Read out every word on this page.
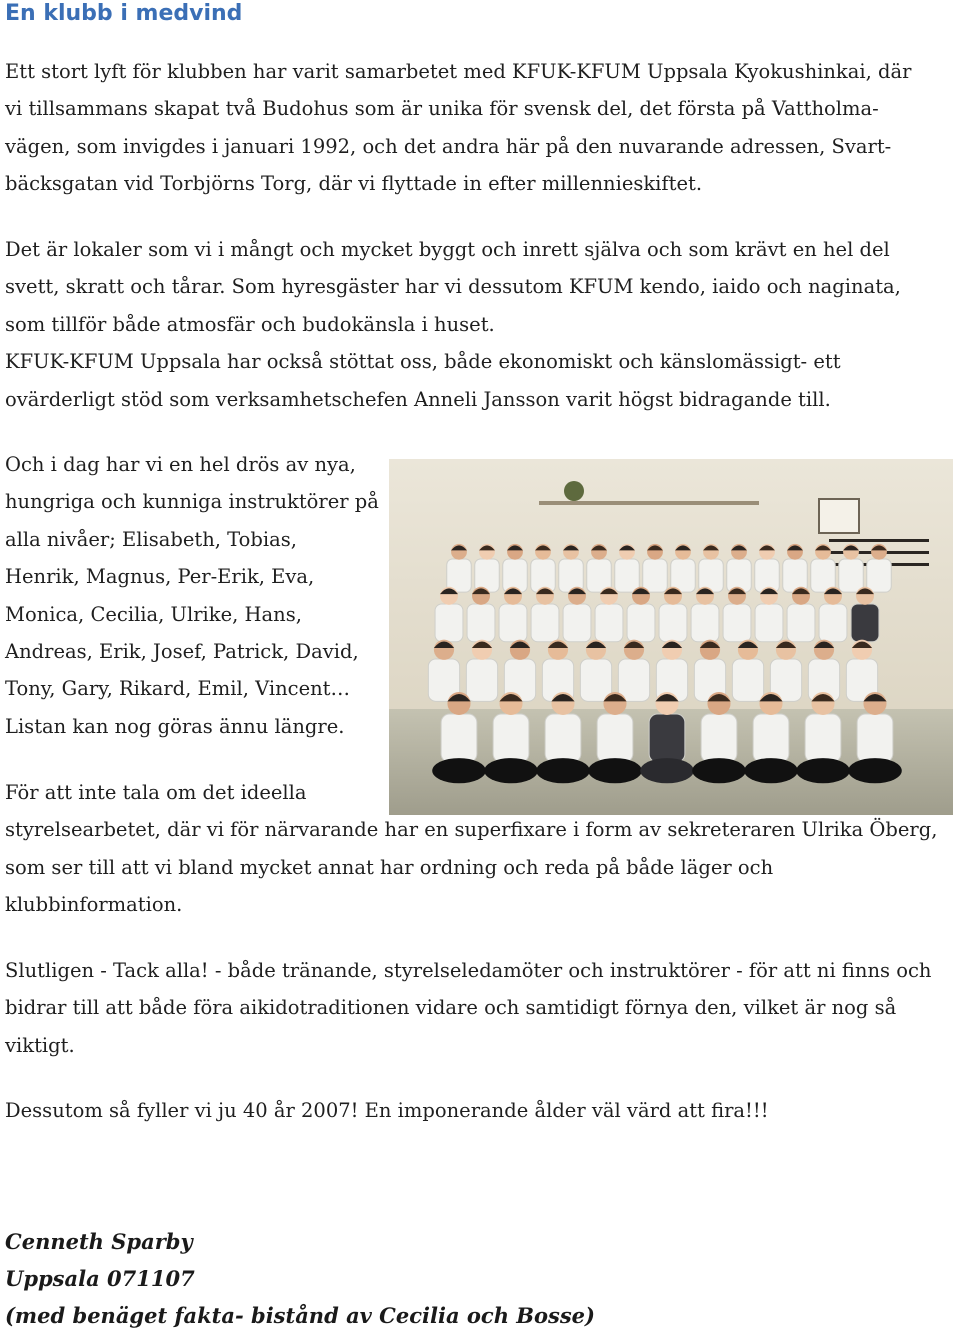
En klubb i medvind

Ett stort lyft för klubben har varit samarbetet med KFUK-KFUM Uppsala Kyokushinkai, där
vi tillsammans skapat två Budohus som är unika för svensk del, det första på Vattholma-
vägen, som invigdes i januari 1992, och det andra här på den nuvarande adressen, Svart-
bäcksgatan vid Torbjörns Torg, där vi flyttade in efter millennieskiftet.

Det är lokaler som vi i mångt och mycket byggt och inrett själva och som krävt en hel del
svett, skratt och tårar. Som hyresgäster har vi dessutom KFUM kendo, iaido och naginata,
som tillför både atmosfär och budokänsla i huset.
KFUK-KFUM Uppsala har också stöttat oss, både ekonomiskt och känslomässigt- ett
ovärderligt stöd som verksamhetschefen Anneli Jansson varit högst bidragande till.

Och i dag har vi en hel drös av nya,
hungriga och kunniga instruktörer på
alla nivåer; Elisabeth, Tobias,
Henrik, Magnus, Per-Erik, Eva,
Monica, Cecilia, Ulrike, Hans,
Andreas, Erik, Josef, Patrick, David,
Tony, Gary, Rikard, Emil, Vincent…
Listan kan nog göras ännu längre.

För att inte tala om det ideella
styrelsearbetet, där vi för närvarande har en superfixare i form av sekreteraren Ulrika Öberg,
som ser till att vi bland mycket annat har ordning och reda på både läger och
klubbinformation.

Slutligen - Tack alla! - både tränande, styrelseledamöter och instruktörer - för att ni finns och
bidrar till att både föra aikidotraditionen vidare och samtidigt förnya den, vilket är nog så
viktigt.

Dessutom så fyller vi ju 40 år 2007! En imponerande ålder väl värd att fira!!!

Cenneth Sparby
Uppsala 071107
(med benäget fakta- bistånd av Cecilia och Bosse)
